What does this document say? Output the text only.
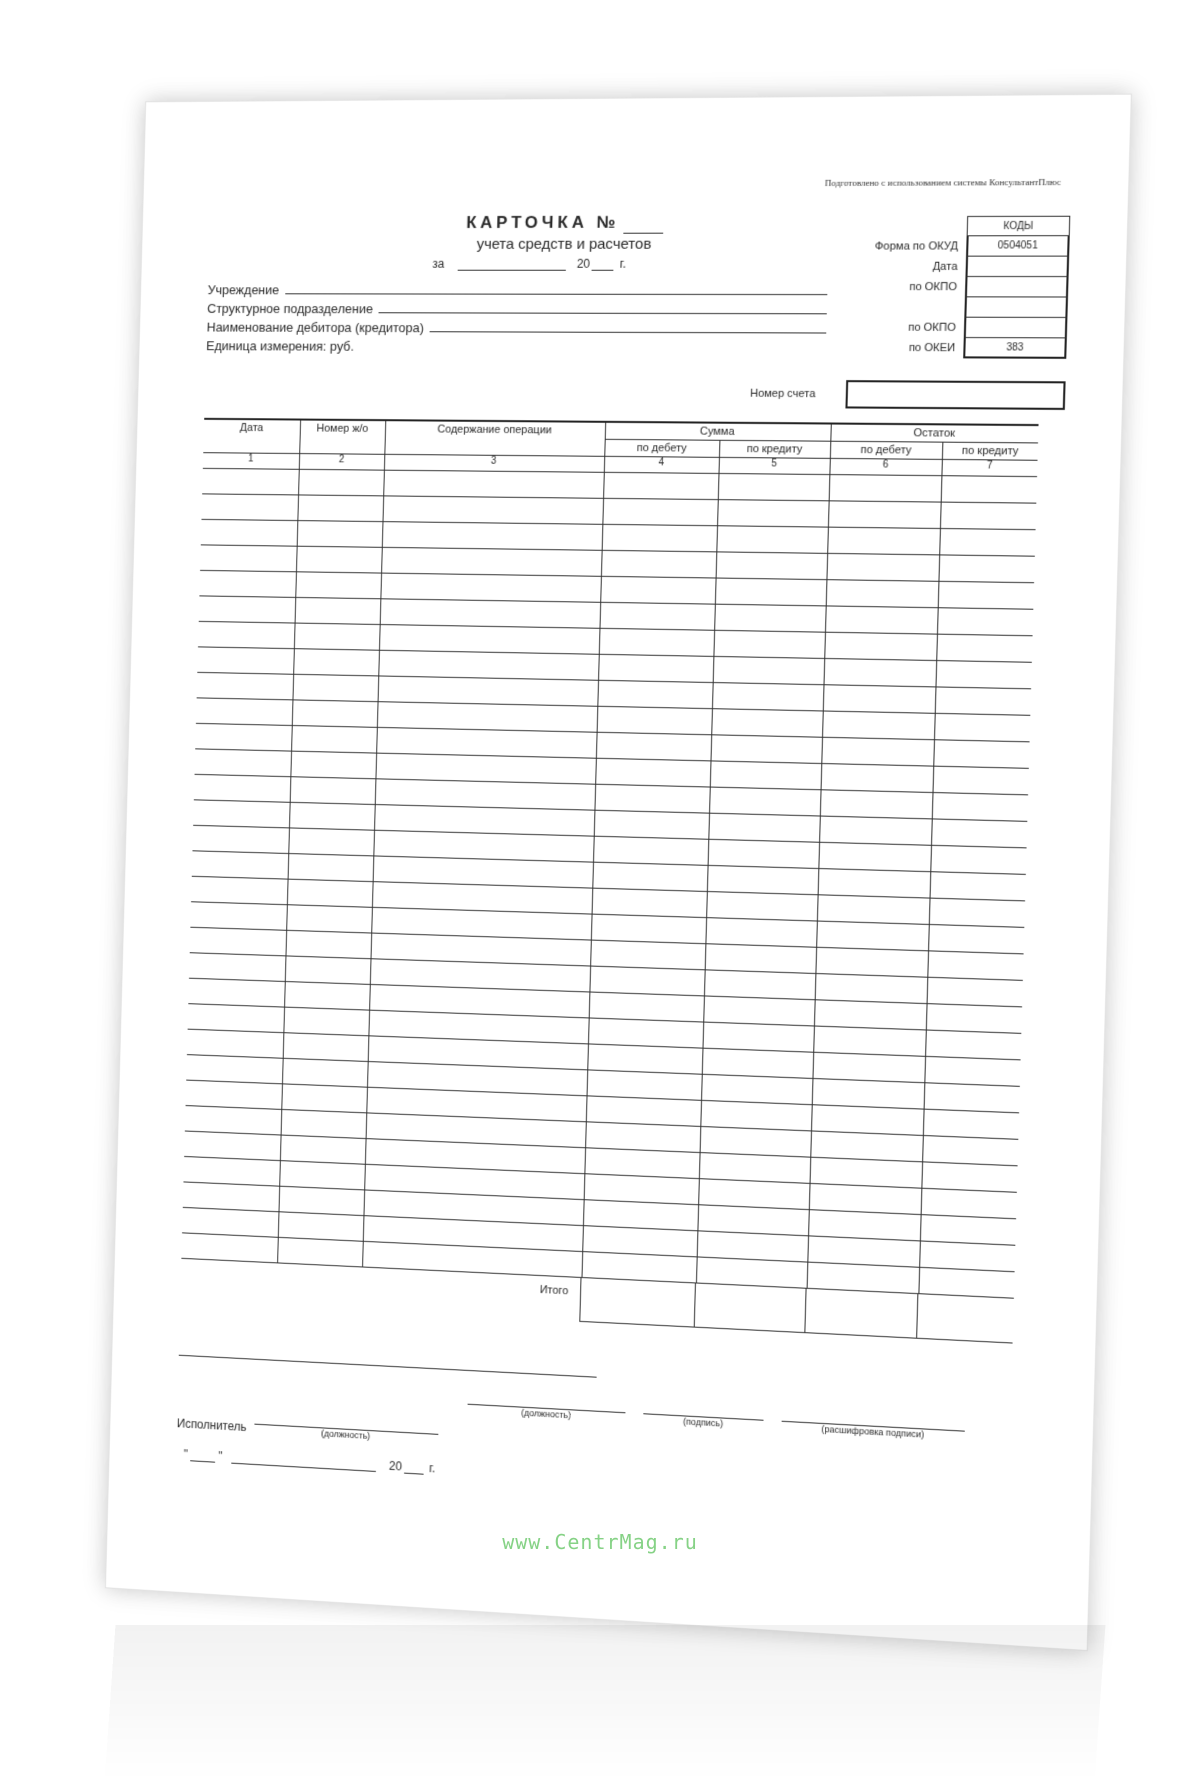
Подготовлено с использованием системы КонсультантПлюс
КАРТОЧКА №
учета средств и расчетов
за	20 г.
КОДЫ
Форма по ОКУД	0504051
Дата
по ОКПО
по ОКПО
по ОКЕИ	383
Учреждение
Структурное подразделение
Наименование дебитора (кредитора)
Единица измерения: руб.
Номер счета
Дата	Номер ж/о	Содержание операции	Сумма		Остаток	
			по дебету	по кредиту	по дебету	по кредиту
1	2	3	4	5	6	7

Итого
(должность)
(подпись)
(расшифровка подписи)
Исполнитель
(должность)
"	"  20 г.
www.CentrMag.ru
